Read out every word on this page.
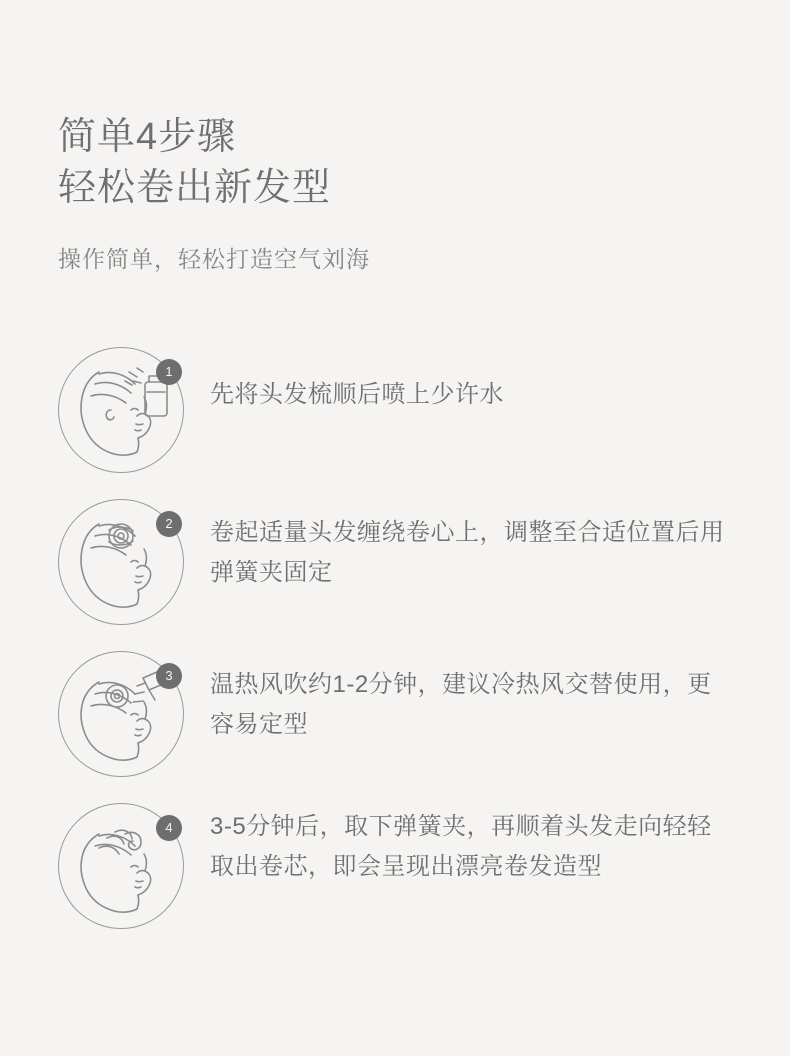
简单4步骤
轻松卷出新发型
操作简单，轻松打造空气刘海
1
先将头发梳顺后喷上少许水
2	卷起适量头发缠绕卷心上，调整至合适位置后用弹簧夹固定
3	温热风吹约1-2分钟，建议冷热风交替使用，更容易定型
4	3-5分钟后，取下弹簧夹，再顺着头发走向轻轻取出卷芯，即会呈现出漂亮卷发造型
